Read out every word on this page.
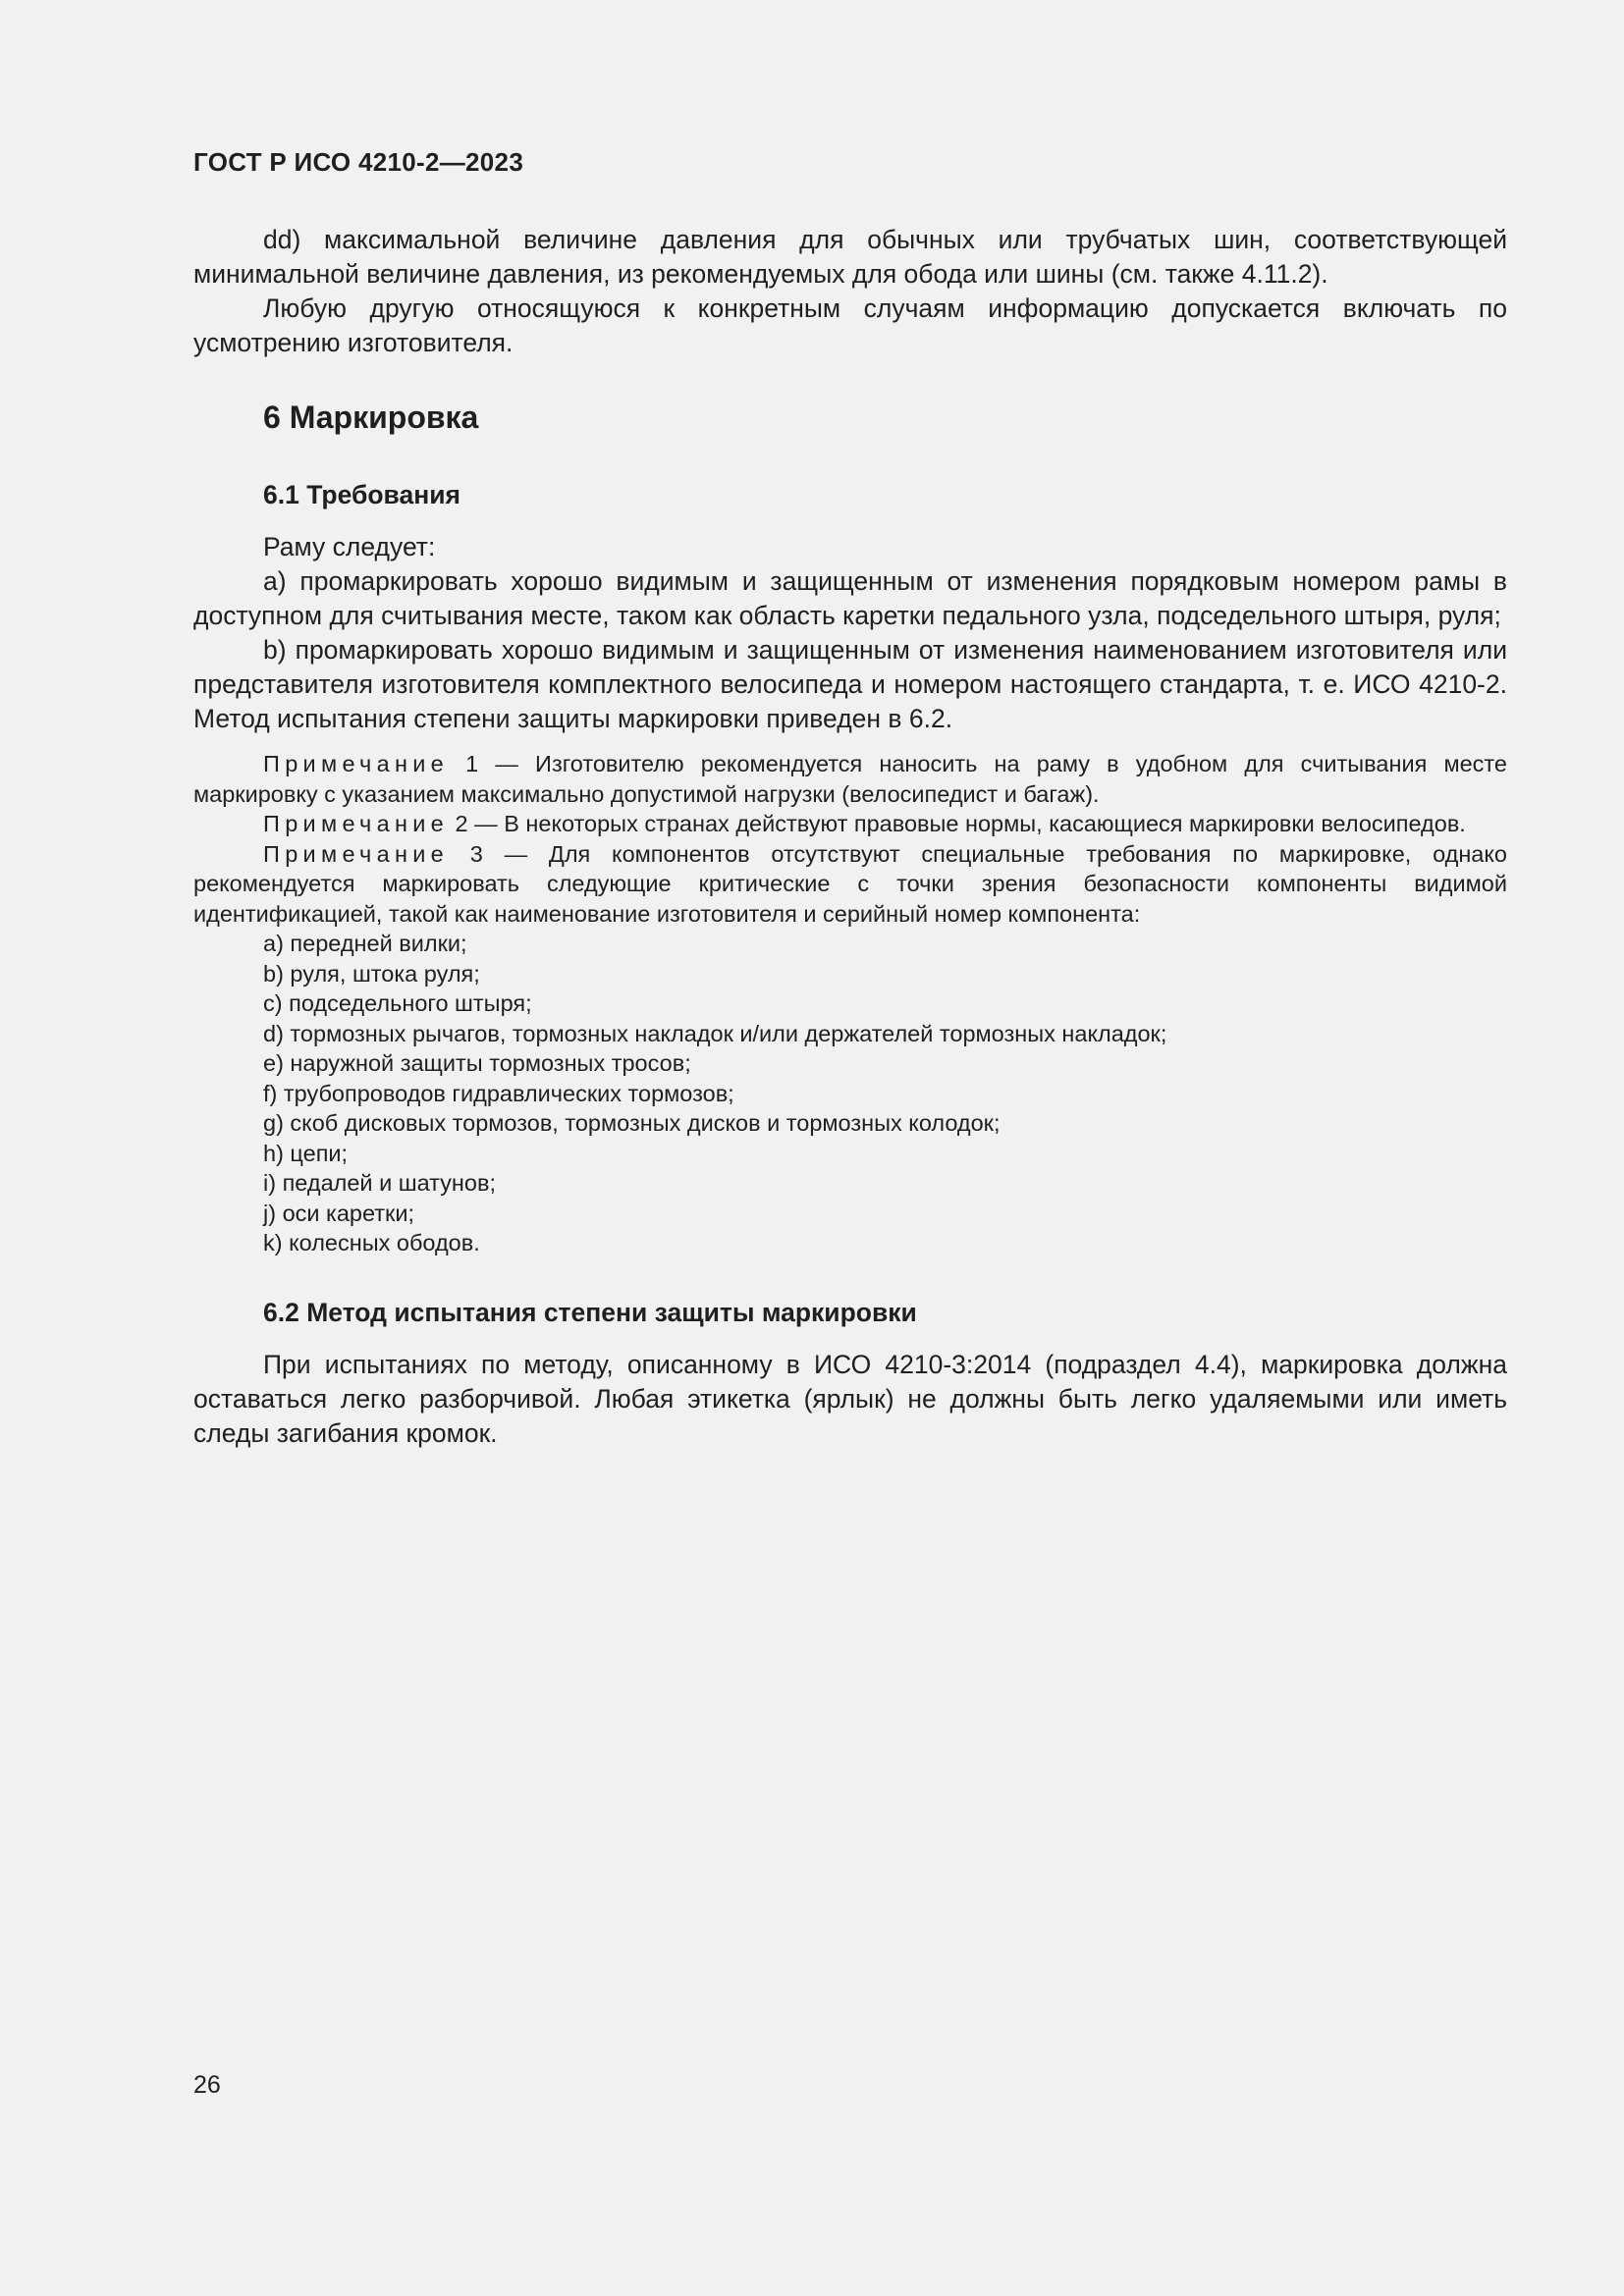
ГОСТ Р ИСО 4210-2—2023

dd) максимальной величине давления для обычных или трубчатых шин, соответствующей минимальной величине давления, из рекомендуемых для обода или шины (см. также 4.11.2).

Любую другую относящуюся к конкретным случаям информацию допускается включать по усмотрению изготовителя.

6 Маркировка
6.1 Требования

Раму следует:

a) промаркировать хорошо видимым и защищенным от изменения порядковым номером рамы в доступном для считывания месте, таком как область каретки педального узла, подседельного штыря, руля;

b) промаркировать хорошо видимым и защищенным от изменения наименованием изготовителя или представителя изготовителя комплектного велосипеда и номером настоящего стандарта, т. е. ИСО 4210-2. Метод испытания степени защиты маркировки приведен в 6.2.

Примечание 1 — Изготовителю рекомендуется наносить на раму в удобном для считывания месте маркировку с указанием максимально допустимой нагрузки (велосипедист и багаж).

Примечание 2 — В некоторых странах действуют правовые нормы, касающиеся маркировки велосипедов.

Примечание 3 — Для компонентов отсутствуют специальные требования по маркировке, однако рекомендуется маркировать следующие критические с точки зрения безопасности компоненты видимой идентификацией, такой как наименование изготовителя и серийный номер компонента:

a) передней вилки;

b) руля, штока руля;

c) подседельного штыря;

d) тормозных рычагов, тормозных накладок и/или держателей тормозных накладок;

e) наружной защиты тормозных тросов;

f) трубопроводов гидравлических тормозов;

g) скоб дисковых тормозов, тормозных дисков и тормозных колодок;

h) цепи;

i) педалей и шатунов;

j) оси каретки;

k) колесных ободов.

6.2 Метод испытания степени защиты маркировки

При испытаниях по методу, описанному в ИСО 4210-3:2014 (подраздел 4.4), маркировка должна оставаться легко разборчивой. Любая этикетка (ярлык) не должны быть легко удаляемыми или иметь следы загибания кромок.

26
